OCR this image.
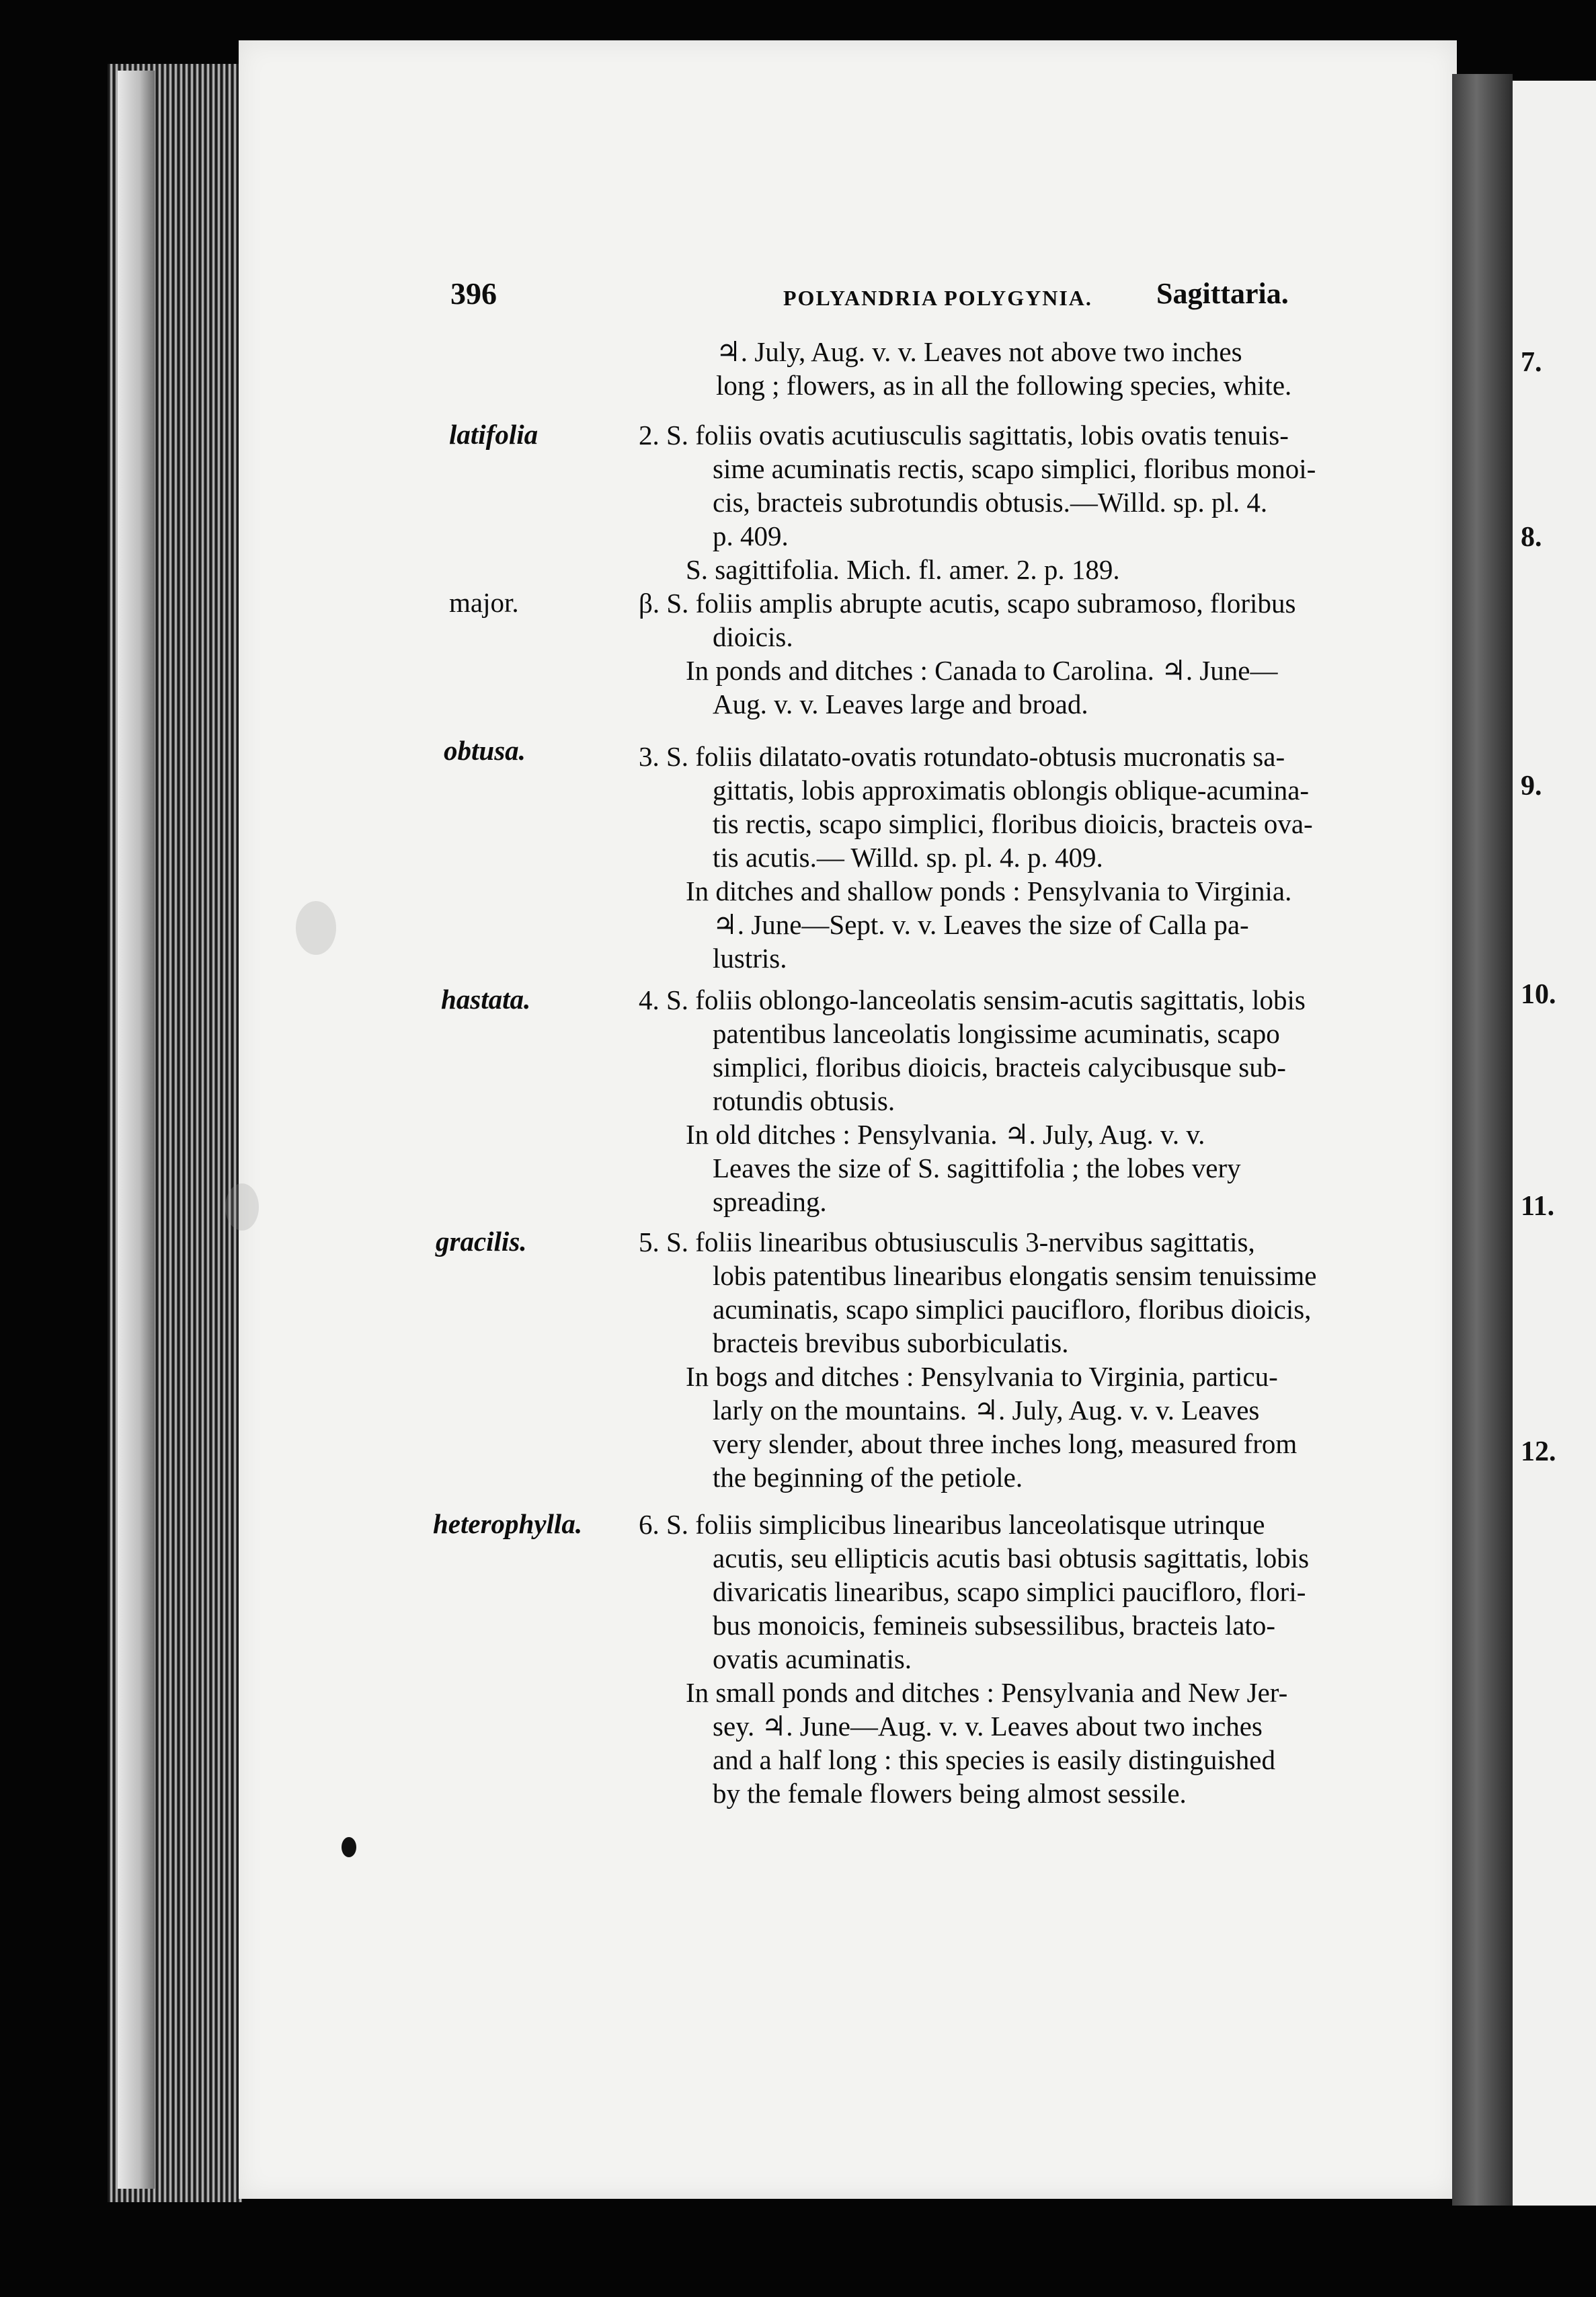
7.
8.
9.
10.
11.
12.
396	POLYANDRIA POLYGYNIA. Sagittaria.

♃. July, Aug. v. v. Leaves not above two inches

long ; flowers, as in all the following species, white.

latifolia	2. S. foliis ovatis acutiusculis sagittatis, lobis ovatis tenuis-

sime acuminatis rectis, scapo simplici, floribus monoi-

cis, bracteis subrotundis obtusis.—Willd. sp. pl. 4.

p. 409.

S. sagittifolia. Mich. fl. amer. 2. p. 189.

major.	β. S. foliis amplis abrupte acutis, scapo subramoso, floribus

dioicis.

In ponds and ditches : Canada to Carolina. ♃. June—

Aug. v. v. Leaves large and broad.

obtusa.	3. S. foliis dilatato-ovatis rotundato-obtusis mucronatis sa-

gittatis, lobis approximatis oblongis oblique-acumina-

tis rectis, scapo simplici, floribus dioicis, bracteis ova-

tis acutis.— Willd. sp. pl. 4. p. 409.

In ditches and shallow ponds : Pensylvania to Virginia.

♃. June—Sept. v. v. Leaves the size of Calla pa-

lustris.

hastata.	4. S. foliis oblongo-lanceolatis sensim-acutis sagittatis, lobis

patentibus lanceolatis longissime acuminatis, scapo

simplici, floribus dioicis, bracteis calycibusque sub-

rotundis obtusis.

In old ditches : Pensylvania. ♃. July, Aug. v. v.

Leaves the size of S. sagittifolia ; the lobes very

spreading.

gracilis.	5. S. foliis linearibus obtusiusculis 3-nervibus sagittatis,

lobis patentibus linearibus elongatis sensim tenuissime

acuminatis, scapo simplici paucifloro, floribus dioicis,

bracteis brevibus suborbiculatis.

In bogs and ditches : Pensylvania to Virginia, particu-

larly on the mountains. ♃. July, Aug. v. v. Leaves

very slender, about three inches long, measured from

the beginning of the petiole.

heterophylla. 6. S. foliis simplicibus linearibus lanceolatisque utrinque

acutis, seu ellipticis acutis basi obtusis sagittatis, lobis

divaricatis linearibus, scapo simplici paucifloro, flori-

bus monoicis, femineis subsessilibus, bracteis lato-

ovatis acuminatis.

In small ponds and ditches : Pensylvania and New Jer-

sey. ♃. June—Aug. v. v. Leaves about two inches

and a half long : this species is easily distinguished

by the female flowers being almost sessile.
